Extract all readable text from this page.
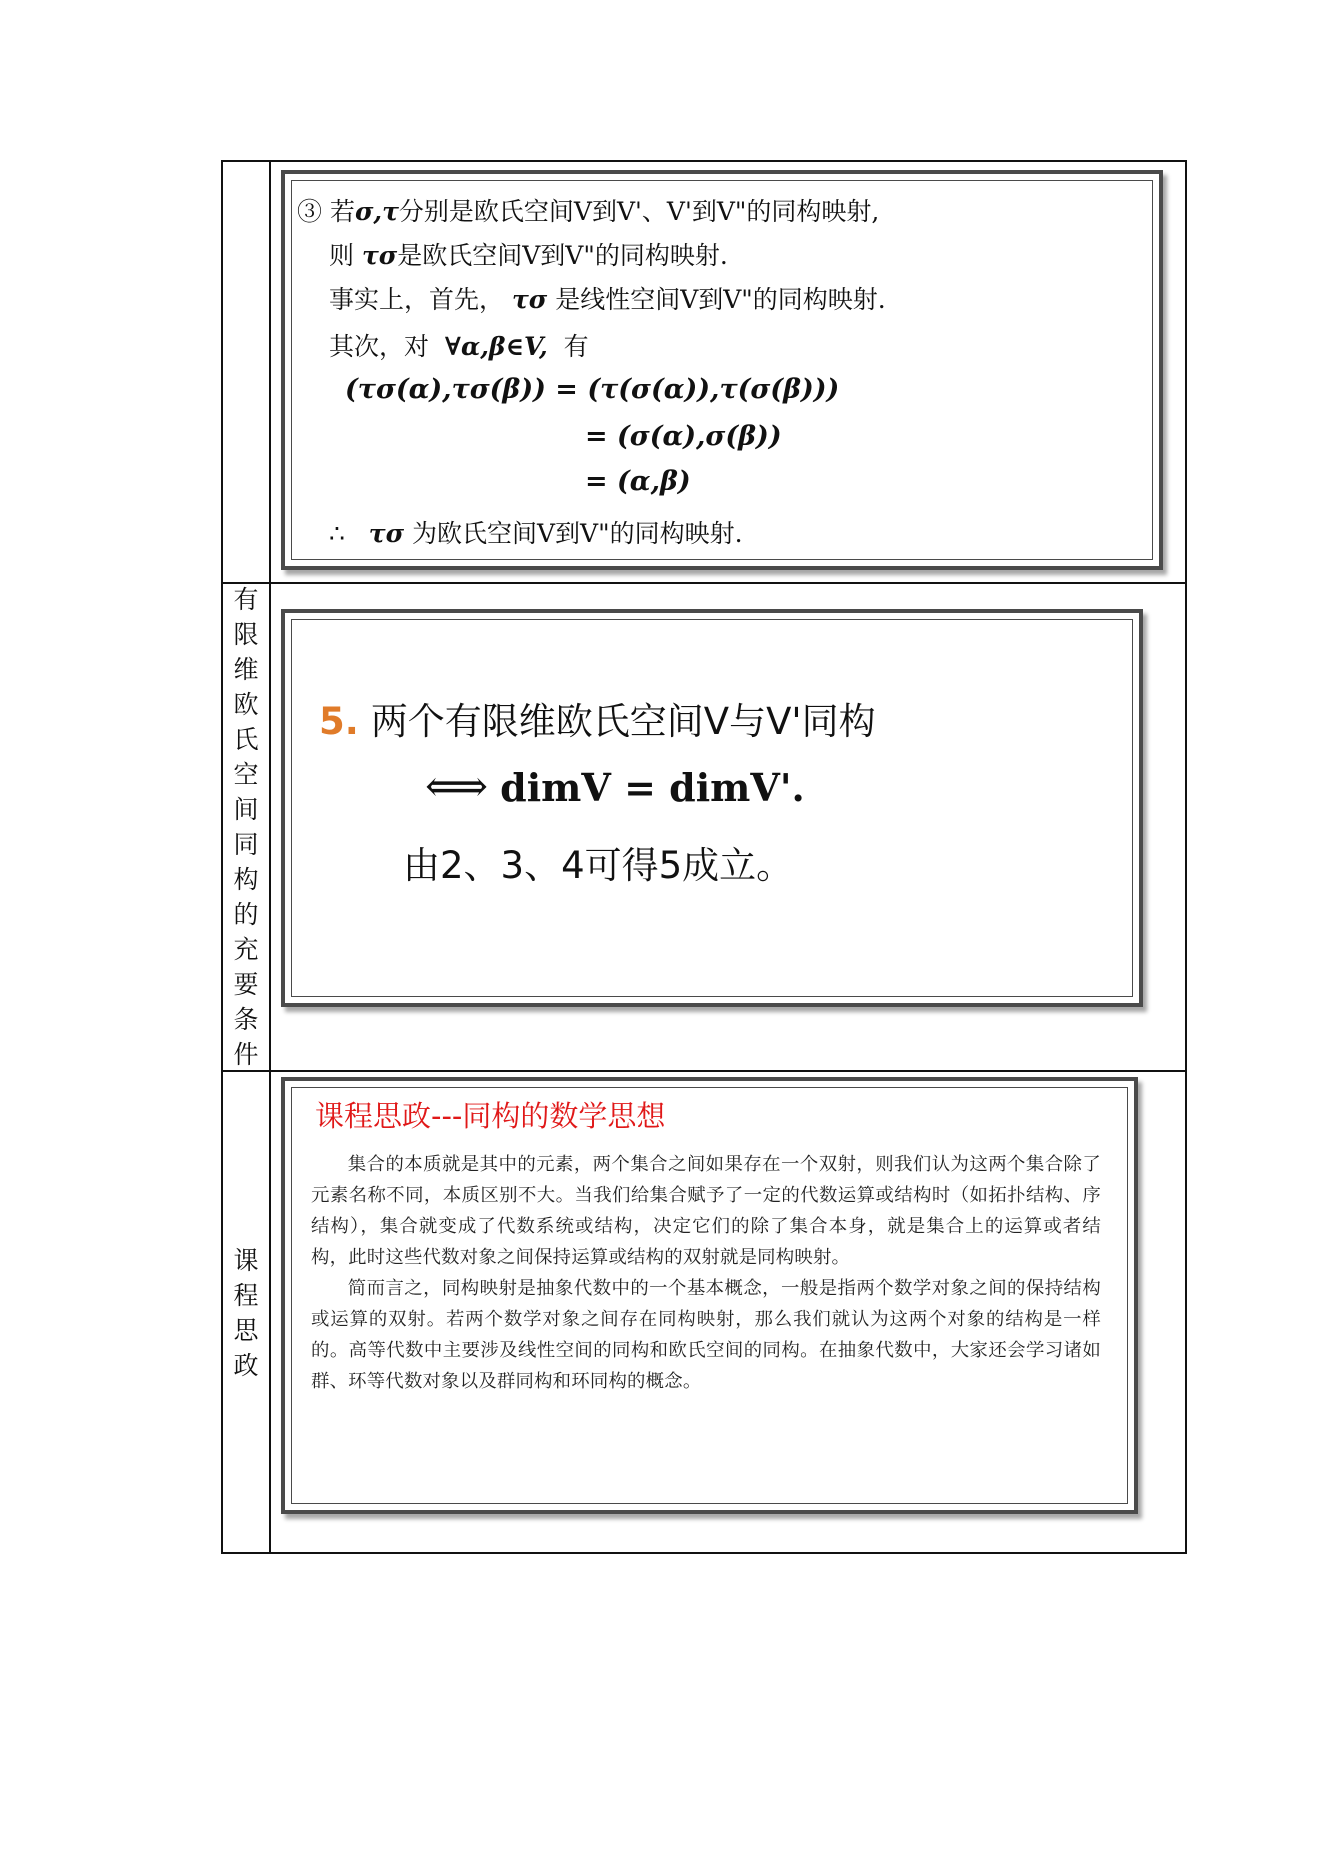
有
限
维
欧
氏
空
间
同
构
的
充
要
条
件
课
程
思
政
③ 若σ,τ分别是欧氏空间V到V'、V'到V"的同构映射,
则 τσ是欧氏空间V到V"的同构映射.
事实上，首先， τσ 是线性空间V到V"的同构映射.
其次，对 ∀α,β∈V, 有
(τσ(α),τσ(β)) = (τ(σ(α)),τ(σ(β)))
= (σ(α),σ(β))
= (α,β)
∴ τσ 为欧氏空间V到V"的同构映射.
5. 两个有限维欧氏空间V与V'同构
⟺ dimV = dimV'.
由2、3、4可得5成立。
课程思政---同构的数学思想

集合的本质就是其中的元素，两个集合之间如果存在一个双射，则我们认为这两个集合除了元素名称不同，本质区别不大。当我们给集合赋予了一定的代数运算或结构时（如拓扑结构、序结构），集合就变成了代数系统或结构，决定它们的除了集合本身，就是集合上的运算或者结构，此时这些代数对象之间保持运算或结构的双射就是同构映射。

简而言之，同构映射是抽象代数中的一个基本概念，一般是指两个数学对象之间的保持结构或运算的双射。若两个数学对象之间存在同构映射，那么我们就认为这两个对象的结构是一样的。高等代数中主要涉及线性空间的同构和欧氏空间的同构。在抽象代数中，大家还会学习诸如群、环等代数对象以及群同构和环同构的概念。
